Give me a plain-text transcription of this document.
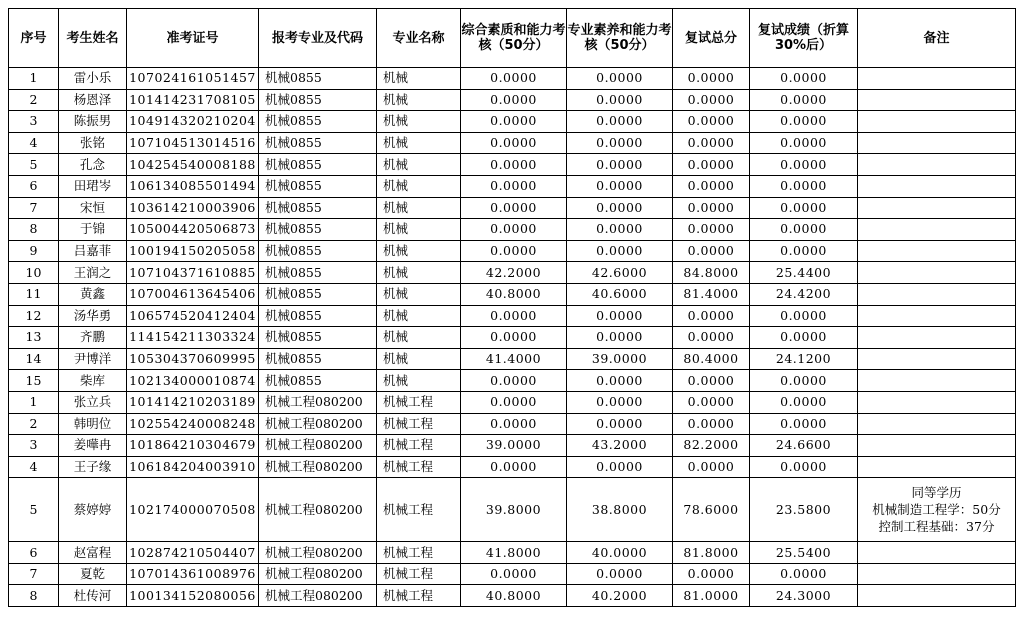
序号	考生姓名	准考证号	报考专业及代码	专业名称	综合素质和能力考核（50分）	专业素养和能力考核（50分）	复试总分	复试成绩（折算30%后）	备注
1	雷小乐	107024161051457	机械0855	机械	0.0000	0.0000	0.0000	0.0000	
2	杨恩泽	101414231708105	机械0855	机械	0.0000	0.0000	0.0000	0.0000	
3	陈振男	104914320210204	机械0855	机械	0.0000	0.0000	0.0000	0.0000	
4	张铭	107104513014516	机械0855	机械	0.0000	0.0000	0.0000	0.0000	
5	孔念	104254540008188	机械0855	机械	0.0000	0.0000	0.0000	0.0000	
6	田珺岑	106134085501494	机械0855	机械	0.0000	0.0000	0.0000	0.0000	
7	宋恒	103614210003906	机械0855	机械	0.0000	0.0000	0.0000	0.0000	
8	于锦	105004420506873	机械0855	机械	0.0000	0.0000	0.0000	0.0000	
9	吕嘉菲	100194150205058	机械0855	机械	0.0000	0.0000	0.0000	0.0000	
10	王润之	107104371610885	机械0855	机械	42.2000	42.6000	84.8000	25.4400	
11	黄鑫	107004613645406	机械0855	机械	40.8000	40.6000	81.4000	24.4200	
12	汤华勇	106574520412404	机械0855	机械	0.0000	0.0000	0.0000	0.0000	
13	齐鹏	114154211303324	机械0855	机械	0.0000	0.0000	0.0000	0.0000	
14	尹博洋	105304370609995	机械0855	机械	41.4000	39.0000	80.4000	24.1200	
15	柴库	102134000010874	机械0855	机械	0.0000	0.0000	0.0000	0.0000	
1	张立兵	101414210203189	机械工程080200	机械工程	0.0000	0.0000	0.0000	0.0000	
2	韩明位	102554240008248	机械工程080200	机械工程	0.0000	0.0000	0.0000	0.0000	
3	姜嘩冉	101864210304679	机械工程080200	机械工程	39.0000	43.2000	82.2000	24.6600	
4	王子缘	106184204003910	机械工程080200	机械工程	0.0000	0.0000	0.0000	0.0000	
5	蔡婷婷	102174000070508	机械工程080200	机械工程	39.8000	38.8000	78.6000	23.5800	同等学历
机械制造工程学：50分
控制工程基础：37分

6	赵富程	102874210504407	机械工程080200	机械工程	41.8000	40.0000	81.8000	25.5400	
7	夏乾	107014361008976	机械工程080200	机械工程	0.0000	0.0000	0.0000	0.0000	
8	杜传河	100134152080056	机械工程080200	机械工程	40.8000	40.2000	81.0000	24.3000	
